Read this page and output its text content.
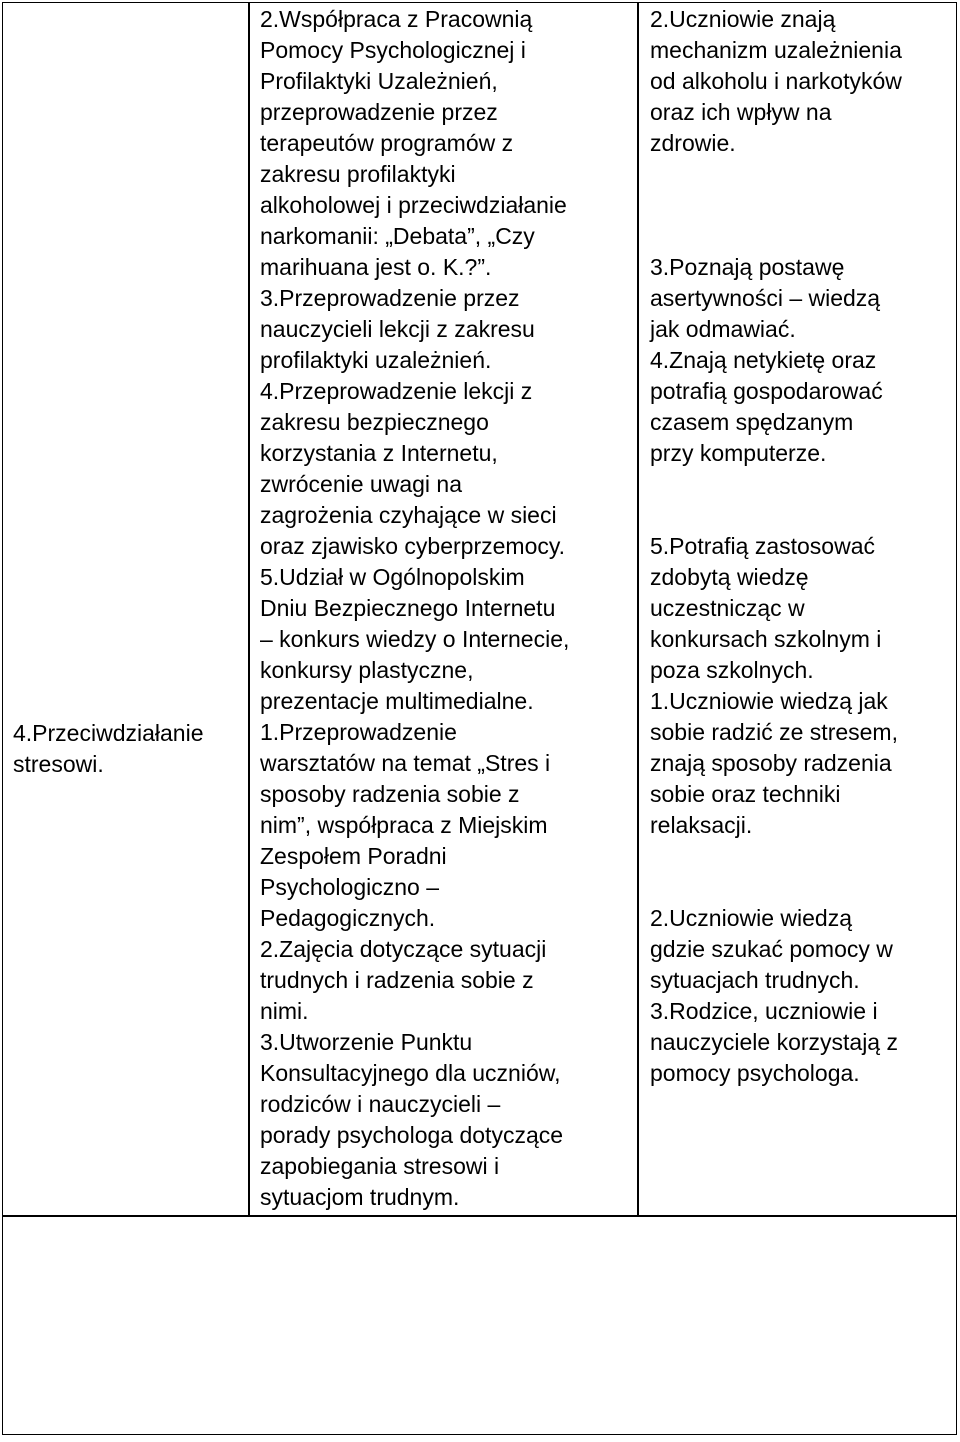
4.Przeciwdziałanie
stresowi.
2.Współpraca z Pracownią
Pomocy Psychologicznej i
Profilaktyki Uzależnień,
przeprowadzenie przez
terapeutów programów z
zakresu profilaktyki
alkoholowej i przeciwdziałanie
narkomanii: „Debata”, „Czy
marihuana jest o. K.?”.
3.Przeprowadzenie przez
nauczycieli lekcji z zakresu
profilaktyki uzależnień.
4.Przeprowadzenie lekcji z
zakresu bezpiecznego
korzystania z Internetu,
zwrócenie uwagi na
zagrożenia czyhające w sieci
oraz zjawisko cyberprzemocy.
5.Udział w Ogólnopolskim
Dniu Bezpiecznego Internetu
– konkurs wiedzy o Internecie,
konkursy plastyczne,
prezentacje multimedialne.
1.Przeprowadzenie
warsztatów na temat „Stres i
sposoby radzenia sobie z
nim”, współpraca z Miejskim
Zespołem Poradni
Psychologiczno –
Pedagogicznych.
2.Zajęcia dotyczące sytuacji
trudnych i radzenia sobie z
nimi.
3.Utworzenie Punktu
Konsultacyjnego dla uczniów,
rodziców i nauczycieli –
porady psychologa dotyczące
zapobiegania stresowi i
sytuacjom trudnym.
2.Uczniowie znają
mechanizm uzależnienia
od alkoholu i narkotyków
oraz ich wpływ na
zdrowie.
3.Poznają postawę
asertywności – wiedzą
jak odmawiać.
4.Znają netykietę oraz
potrafią gospodarować
czasem spędzanym
przy komputerze.
5.Potrafią zastosować
zdobytą wiedzę
uczestnicząc w
konkursach szkolnym i
poza szkolnych.
1.Uczniowie wiedzą jak
sobie radzić ze stresem,
znają sposoby radzenia
sobie oraz techniki
relaksacji.
2.Uczniowie wiedzą
gdzie szukać pomocy w
sytuacjach trudnych.
3.Rodzice, uczniowie i
nauczyciele korzystają z
pomocy psychologa.
